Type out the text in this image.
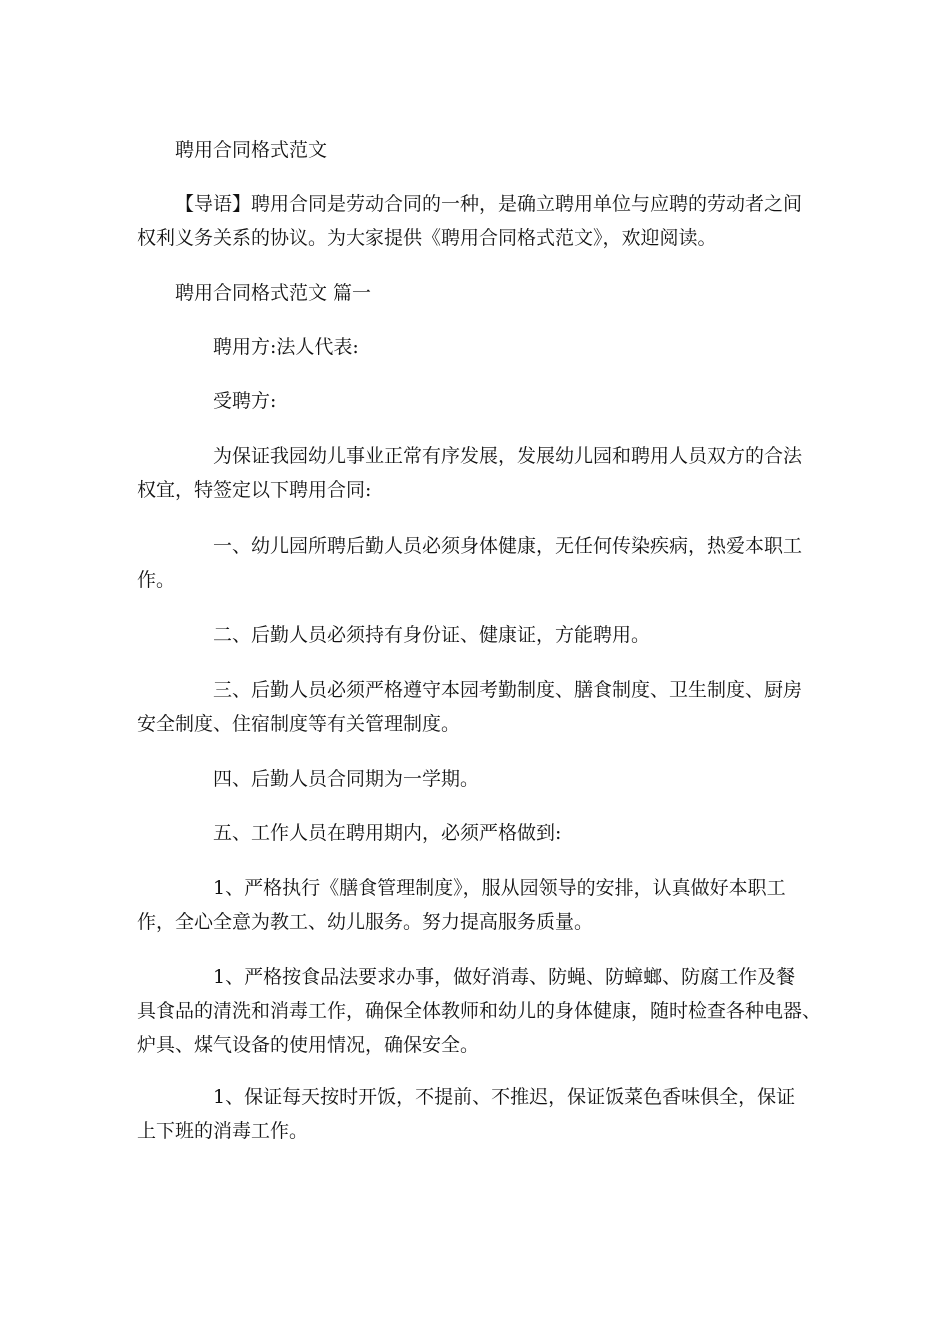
聘用合同格式范文
【导语】聘用合同是劳动合同的一种，是确立聘用单位与应聘的劳动者之间
权利义务关系的协议。为大家提供《聘用合同格式范文》，欢迎阅读。
聘用合同格式范文 篇一
聘用方:法人代表:
受聘方:
为保证我园幼儿事业正常有序发展，发展幼儿园和聘用人员双方的合法
权宜，特签定以下聘用合同:
一、幼儿园所聘后勤人员必须身体健康，无任何传染疾病，热爱本职工
作。
二、后勤人员必须持有身份证、健康证，方能聘用。
三、后勤人员必须严格遵守本园考勤制度、膳食制度、卫生制度、厨房
安全制度、住宿制度等有关管理制度。
四、后勤人员合同期为一学期。
五、工作人员在聘用期内，必须严格做到:
1、严格执行《膳食管理制度》，服从园领导的安排，认真做好本职工
作，全心全意为教工、幼儿服务。努力提高服务质量。
1、严格按食品法要求办事，做好消毒、防蝇、防蟑螂、防腐工作及餐
具食品的清洗和消毒工作，确保全体教师和幼儿的身体健康，随时检查各种电器、
炉具、煤气设备的使用情况，确保安全。
1、保证每天按时开饭，不提前、不推迟，保证饭菜色香味俱全，保证
上下班的消毒工作。
